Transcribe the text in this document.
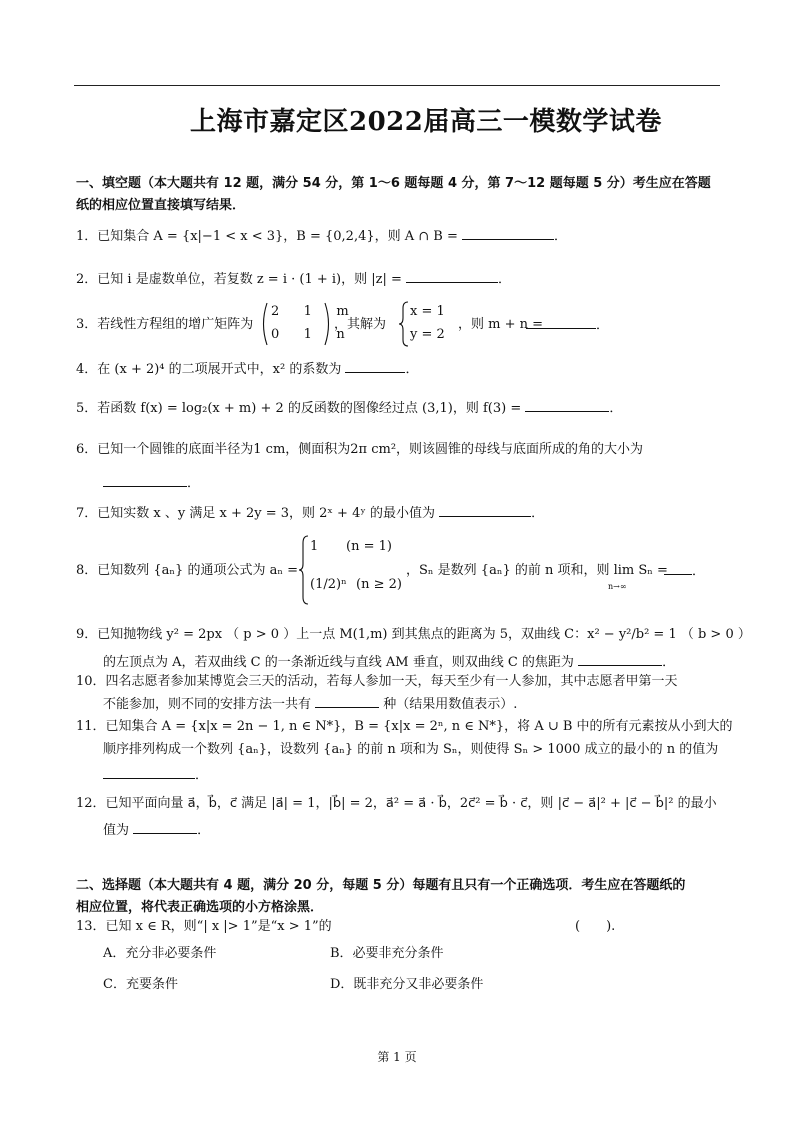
上海市嘉定区2022届高三一模数学试卷
一、填空题（本大题共有 12 题，满分 54 分，第 1～6 题每题 4 分，第 7～12 题每题 5 分）考生应在答题
纸的相应位置直接填写结果．
1．已知集合 A = {x|−1 < x < 3}，B = {0,2,4}，则 A ∩ B =	．
2．已知 i 是虚数单位，若复数 z = i · (1 + i)，则 |z| =	．
3．若线性方程组的增广矩阵为
2   1   m
0   1   n
，其解为
x = 1
y = 2
，则 m + n =	．
4．在 (x + 2)⁴ 的二项展开式中，x² 的系数为	．
5．若函数 f(x) = log₂(x + m) + 2 的反函数的图像经过点 (3,1)，则 f(3) =	．
6．已知一个圆锥的底面半径为1 cm，侧面积为2π cm²，则该圆锥的母线与底面所成的角的大小为
．
7．已知实数 x 、y 满足 x + 2y = 3，则 2ˣ + 4ʸ 的最小值为	．
8．已知数列 {aₙ} 的通项公式为 aₙ =
1 (n = 1)
(1/2)ⁿ (n ≥ 2)
，Sₙ 是数列 {aₙ} 的前 n 项和，则 lim Sₙ =
n→∞
．
9．已知抛物线 y² = 2px （ p > 0 ）上一点 M(1,m) 到其焦点的距离为 5，双曲线 C：x² − y²/b² = 1 （ b > 0 ）
的左顶点为 A，若双曲线 C 的一条渐近线与直线 AM 垂直，则双曲线 C 的焦距为	．
10．四名志愿者参加某博览会三天的活动，若每人参加一天，每天至少有一人参加，其中志愿者甲第一天
不能参加，则不同的安排方法一共有	种（结果用数值表示）.
11．已知集合 A = {x|x = 2n − 1, n ∈ N*}，B = {x|x = 2ⁿ, n ∈ N*}，将 A ∪ B 中的所有元素按从小到大的
顺序排列构成一个数列 {aₙ}，设数列 {aₙ} 的前 n 项和为 Sₙ，则使得 Sₙ > 1000 成立的最小的 n 的值为
．
12．已知平面向量 a⃗，b⃗，c⃗ 满足 |a⃗| = 1，|b⃗| = 2，a⃗² = a⃗ · b⃗，2c⃗² = b⃗ · c⃗，则 |c⃗ − a⃗|² + |c⃗ − b⃗|² 的最小
值为	．
二、选择题（本大题共有 4 题，满分 20 分，每题 5 分）每题有且只有一个正确选项．考生应在答题纸的
相应位置，将代表正确选项的小方格涂黑．
13．已知 x ∈ R，则“| x |> 1”是“x > 1”的	(　　).
A．充分非必要条件	B．必要非充分条件
C．充要条件	D．既非充分又非必要条件
第 1 页
